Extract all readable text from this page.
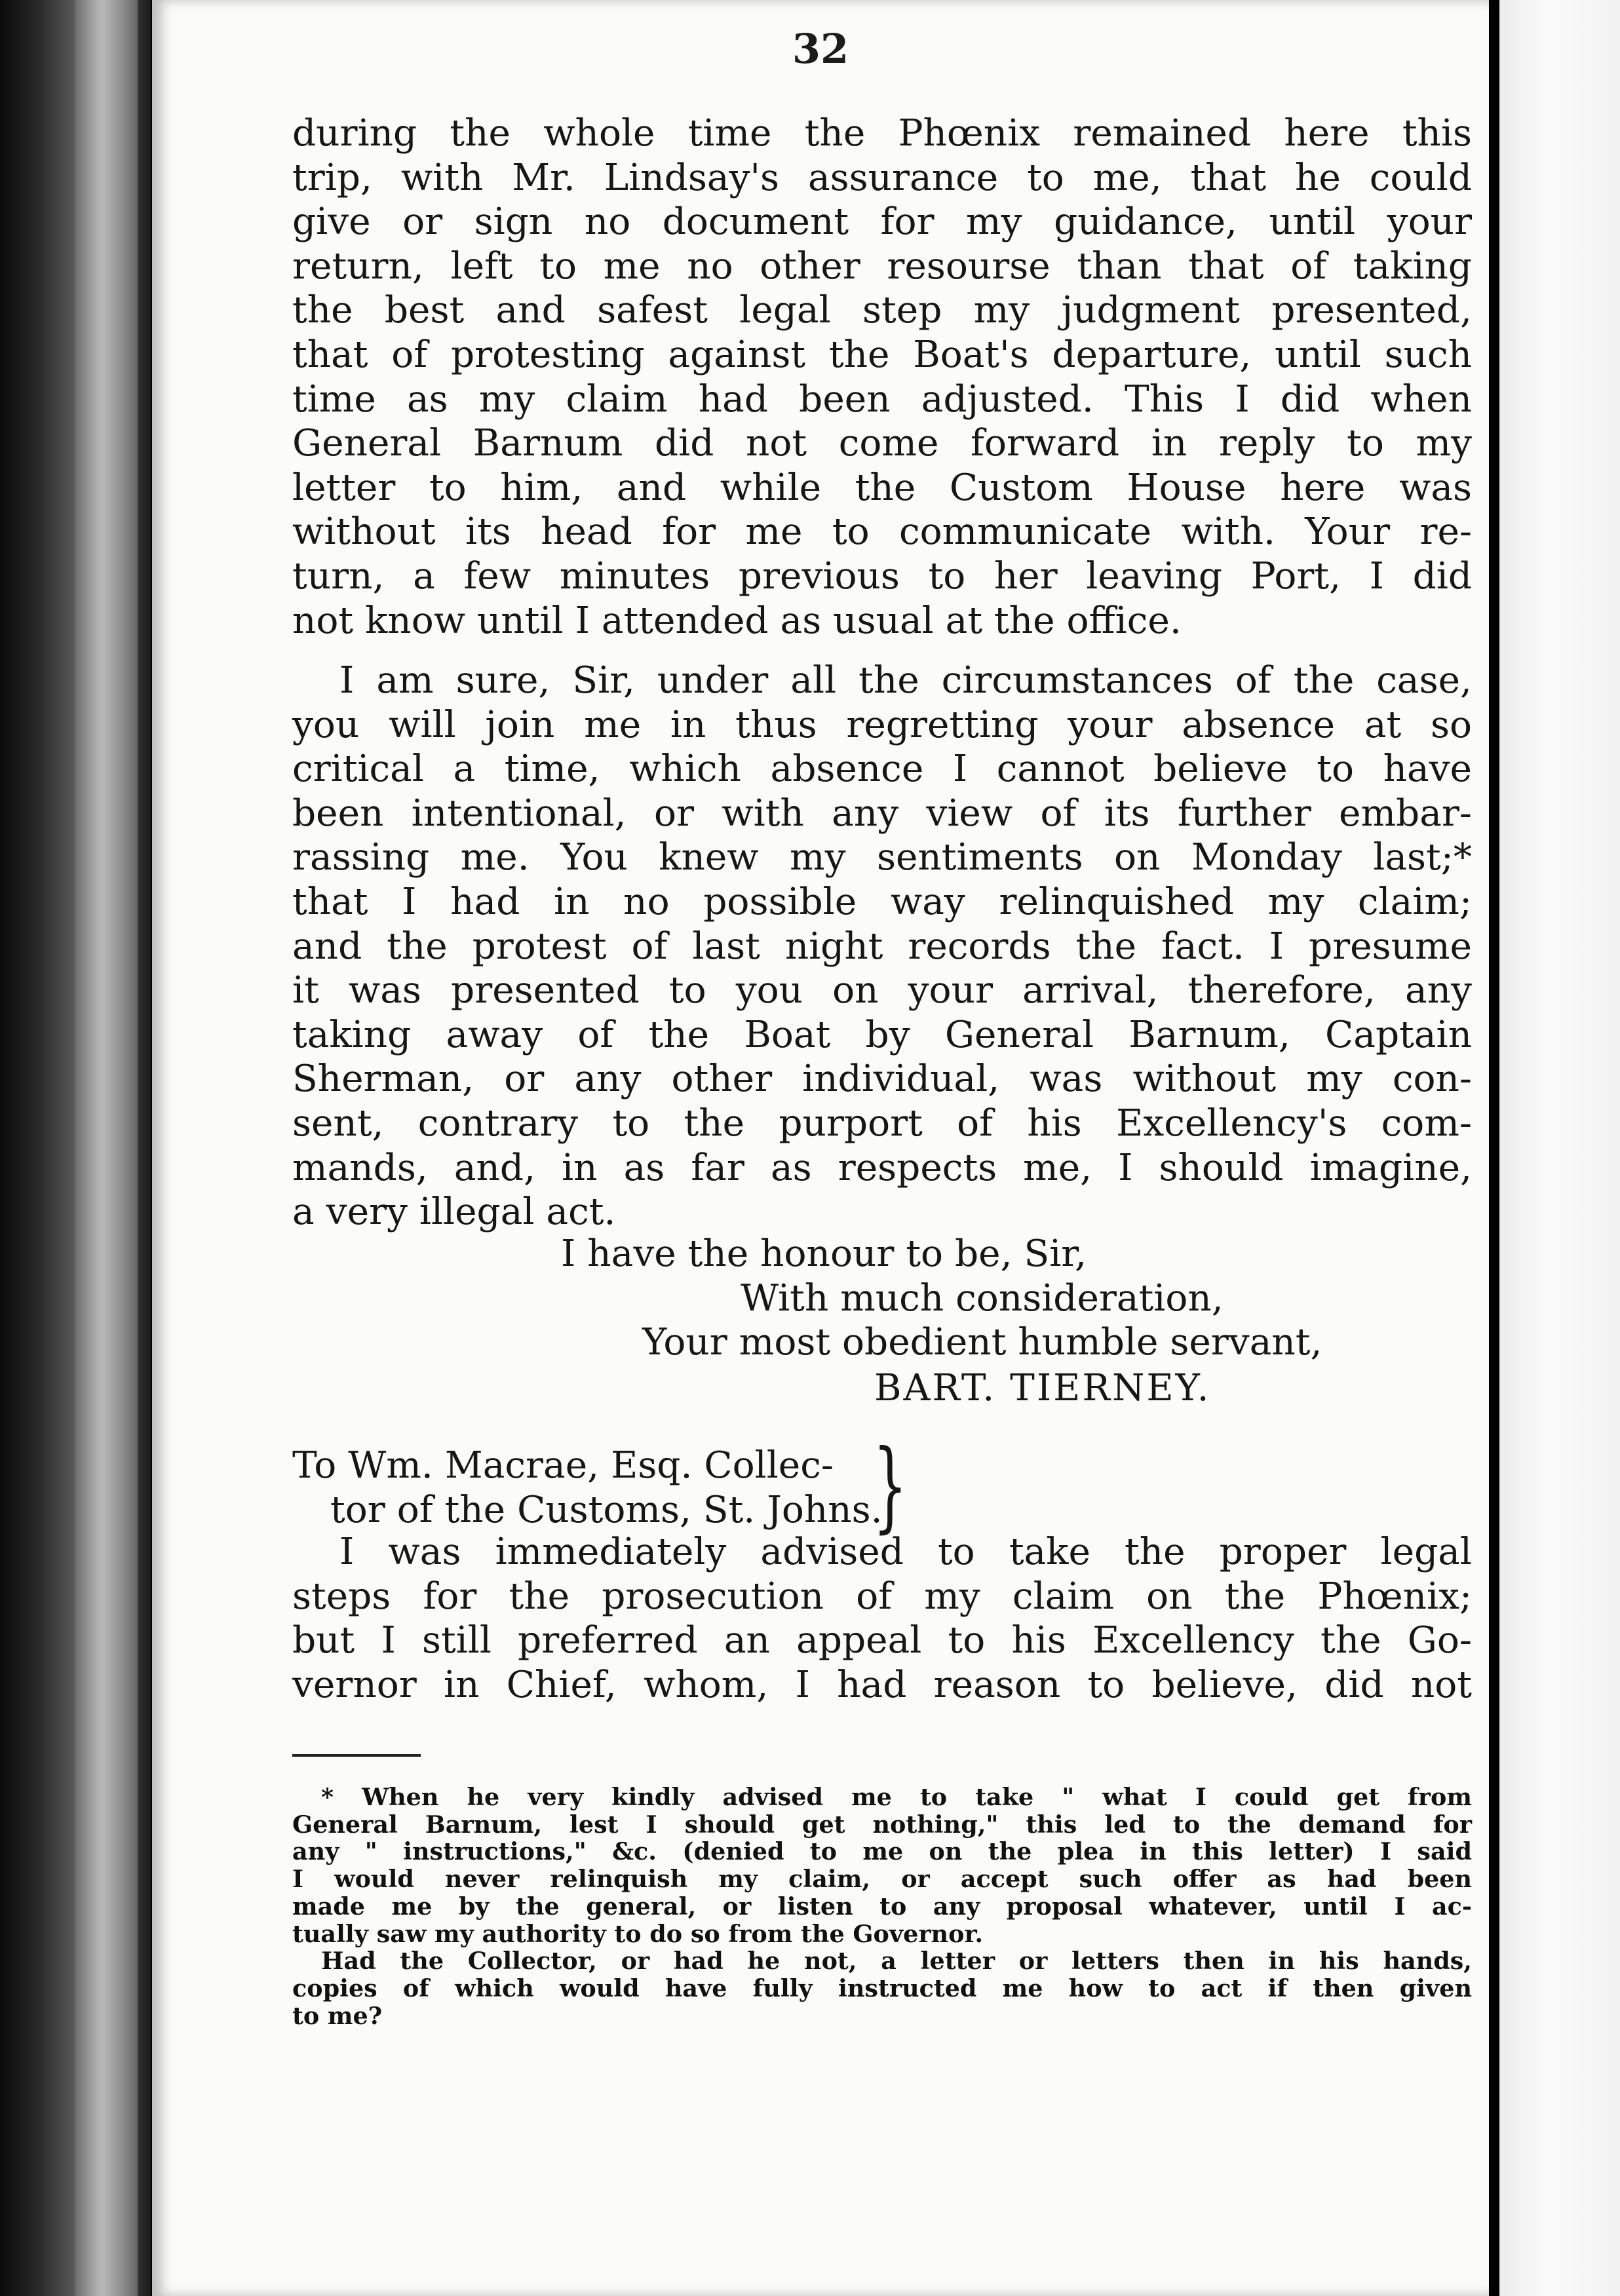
32
during the whole time the Phœnix remained here this
trip, with Mr. Lindsay's assurance to me, that he could
give or sign no document for my guidance, until your
return, left to me no other resourse than that of taking
the best and safest legal step my judgment presented,
that of protesting against the Boat's departure, until such
time as my claim had been adjusted. This I did when
General Barnum did not come forward in reply to my
letter to him, and while the Custom House here was
without its head for me to communicate with. Your re-
turn, a few minutes previous to her leaving Port, I did
not know until I attended as usual at the office.
I am sure, Sir, under all the circumstances of the case,
you will join me in thus regretting your absence at so
critical a time, which absence I cannot believe to have
been intentional, or with any view of its further embar-
rassing me. You knew my sentiments on Monday last;*
that I had in no possible way relinquished my claim;
and the protest of last night records the fact. I presume
it was presented to you on your arrival, therefore, any
taking away of the Boat by General Barnum, Captain
Sherman, or any other individual, was without my con-
sent, contrary to the purport of his Excellency's com-
mands, and, in as far as respects me, I should imagine,
a very illegal act.
I have the honour to be, Sir,
With much consideration,
Your most obedient humble servant,
BART. TIERNEY.
To Wm. Macrae, Esq. Collec-
tor of the Customs, St. Johns.
}
I was immediately advised to take the proper legal
steps for the prosecution of my claim on the Phœnix;
but I still preferred an appeal to his Excellency the Go-
vernor in Chief, whom, I had reason to believe, did not
* When he very kindly advised me to take " what I could get from
General Barnum, lest I should get nothing," this led to the demand for
any " instructions," &c. (denied to me on the plea in this letter) I said
I would never relinquish my claim, or accept such offer as had been
made me by the general, or listen to any proposal whatever, until I ac-
tually saw my authority to do so from the Governor.
Had the Collector, or had he not, a letter or letters then in his hands,
copies of which would have fully instructed me how to act if then given
to me?
